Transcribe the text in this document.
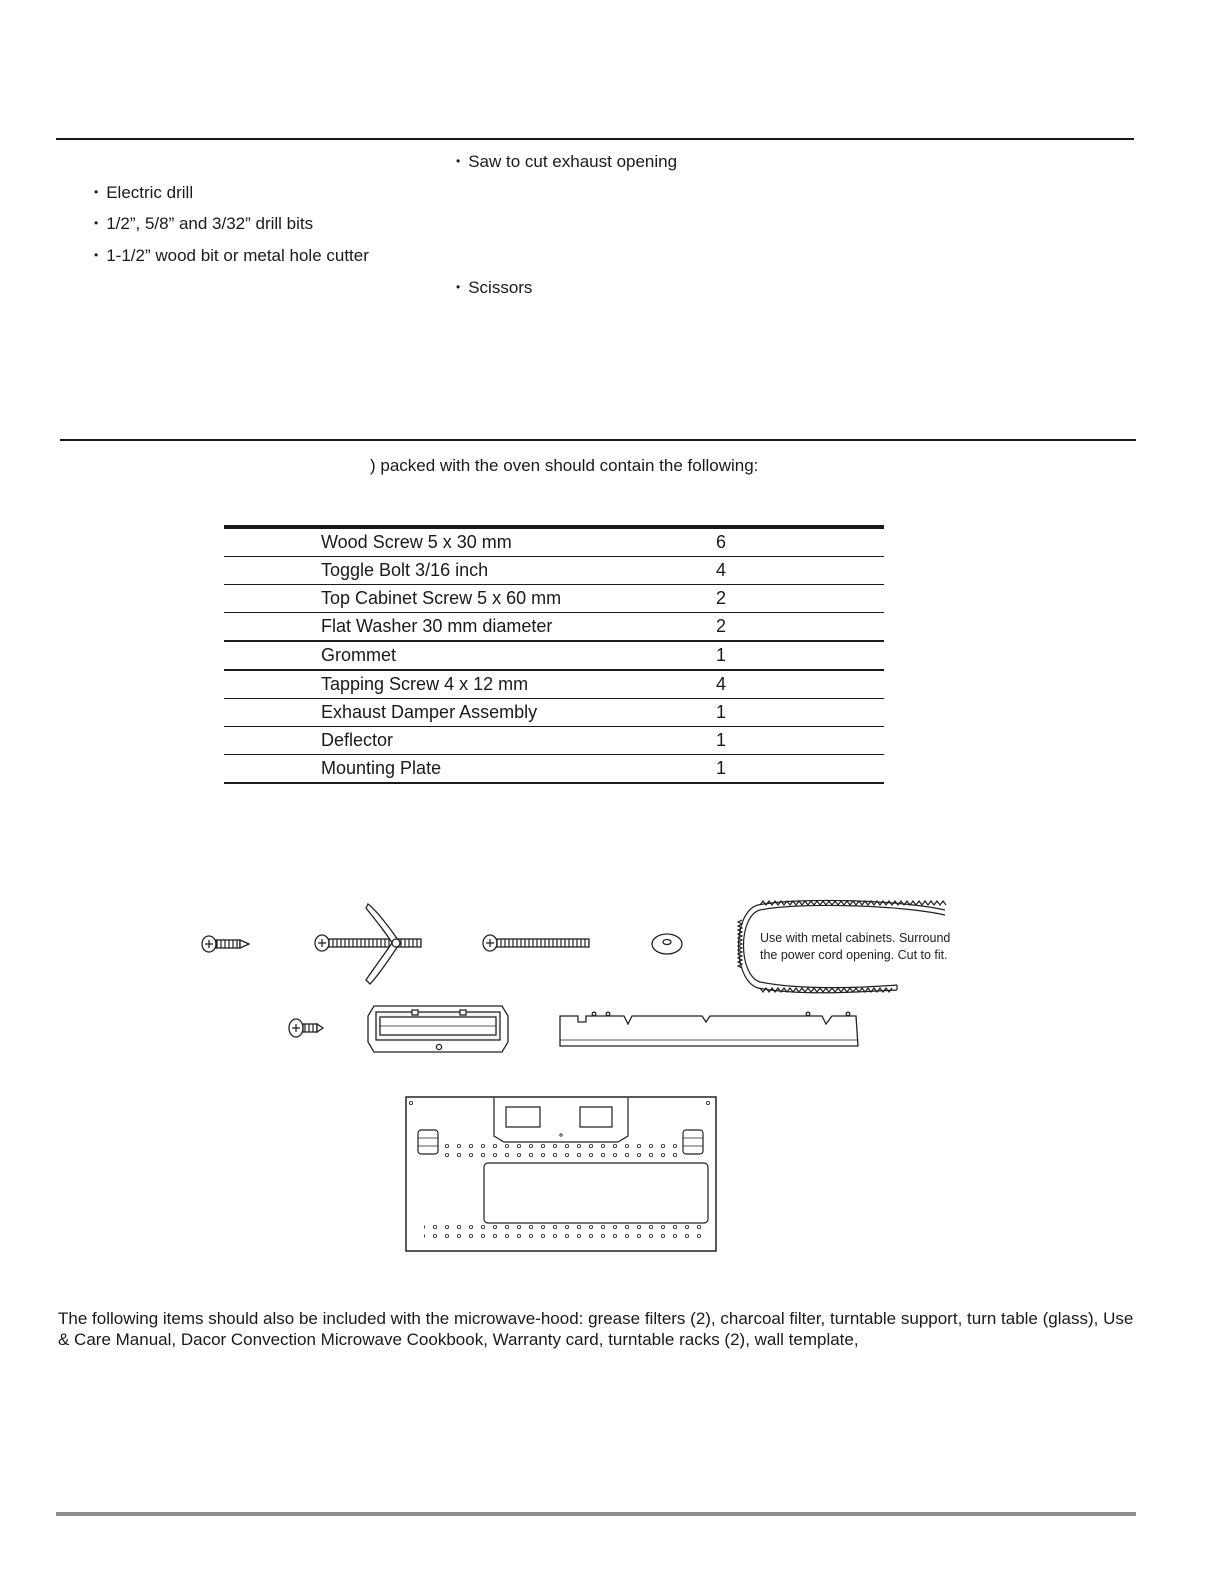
• Saw to cut exhaust opening
• Electric drill
• 1/2”, 5/8” and 3/32” drill bits
• 1-1/2” wood bit or metal hole cutter
• Scissors
) packed with the oven should contain the following:
	Wood Screw 5 x 30 mm	6
	Toggle Bolt 3/16 inch	4
	Top Cabinet Screw 5 x 60 mm	2
	Flat Washer 30 mm diameter	2
	Grommet	1
	Tapping Screw 4 x 12 mm	4
	Exhaust Damper Assembly	1
	Deflector	1
	Mounting Plate	1
Use with metal cabinets. Surround
the power cord opening. Cut to fit.
The following items should also be included with the microwave-hood: grease filters (2), charcoal filter, turntable support, turn table (glass), Use & Care Manual, Dacor Convection Microwave Cookbook, Warranty card, turntable racks (2), wall template,
